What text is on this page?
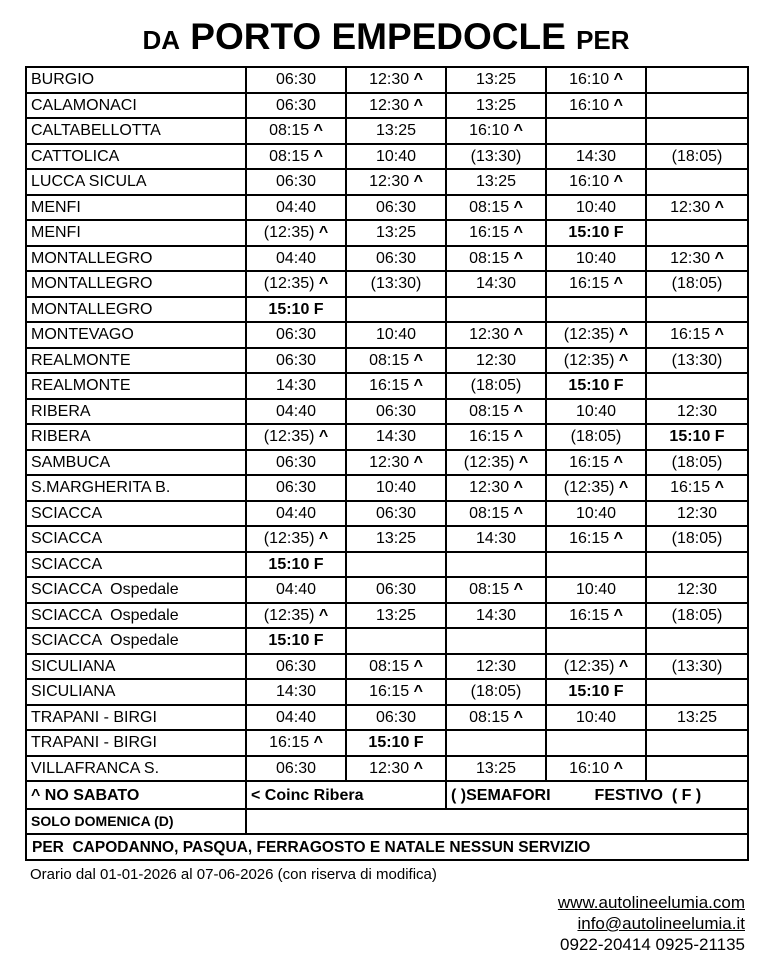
DA PORTO EMPEDOCLE PER
BURGIO	06:30	12:30 ^	13:25	16:10 ^	
CALAMONACI	06:30	12:30 ^	13:25	16:10 ^	
CALTABELLOTTA	08:15 ^	13:25	16:10 ^		
CATTOLICA	08:15 ^	10:40	(13:30)	14:30	(18:05)
LUCCA SICULA	06:30	12:30 ^	13:25	16:10 ^	
MENFI	04:40	06:30	08:15 ^	10:40	12:30 ^
MENFI	(12:35) ^	13:25	16:15 ^	15:10 F	
MONTALLEGRO	04:40	06:30	08:15 ^	10:40	12:30 ^
MONTALLEGRO	(12:35) ^	(13:30)	14:30	16:15 ^	(18:05)
MONTALLEGRO	15:10 F				
MONTEVAGO	06:30	10:40	12:30 ^	(12:35) ^	16:15 ^
REALMONTE	06:30	08:15 ^	12:30	(12:35) ^	(13:30)
REALMONTE	14:30	16:15 ^	(18:05)	15:10 F	
RIBERA	04:40	06:30	08:15 ^	10:40	12:30
RIBERA	(12:35) ^	14:30	16:15 ^	(18:05)	15:10 F
SAMBUCA	06:30	12:30 ^	(12:35) ^	16:15 ^	(18:05)
S.MARGHERITA B.	06:30	10:40	12:30 ^	(12:35) ^	16:15 ^
SCIACCA	04:40	06:30	08:15 ^	10:40	12:30
SCIACCA	(12:35) ^	13:25	14:30	16:15 ^	(18:05)
SCIACCA	15:10 F				
SCIACCA  Ospedale	04:40	06:30	08:15 ^	10:40	12:30
SCIACCA  Ospedale	(12:35) ^	13:25	14:30	16:15 ^	(18:05)
SCIACCA  Ospedale	15:10 F				
SICULIANA	06:30	08:15 ^	12:30	(12:35) ^	(13:30)
SICULIANA	14:30	16:15 ^	(18:05)	15:10 F	
TRAPANI - BIRGI	04:40	06:30	08:15 ^	10:40	13:25
TRAPANI - BIRGI	16:15 ^	15:10 F			
VILLAFRANCA S.	06:30	12:30 ^	13:25	16:10 ^	
^ NO SABATO	< Coinc Ribera		( )SEMAFORI FESTIVO  ( F )		
SOLO DOMENICA (D)					
PER  CAPODANNO, PASQUA, FERRAGOSTO E NATALE NESSUN SERVIZIO					
Orario dal 01-01-2026 al 07-06-2026 (con riserva di modifica)
www.autolineelumia.com
info@autolineelumia.it
0922-20414 0925-21135
